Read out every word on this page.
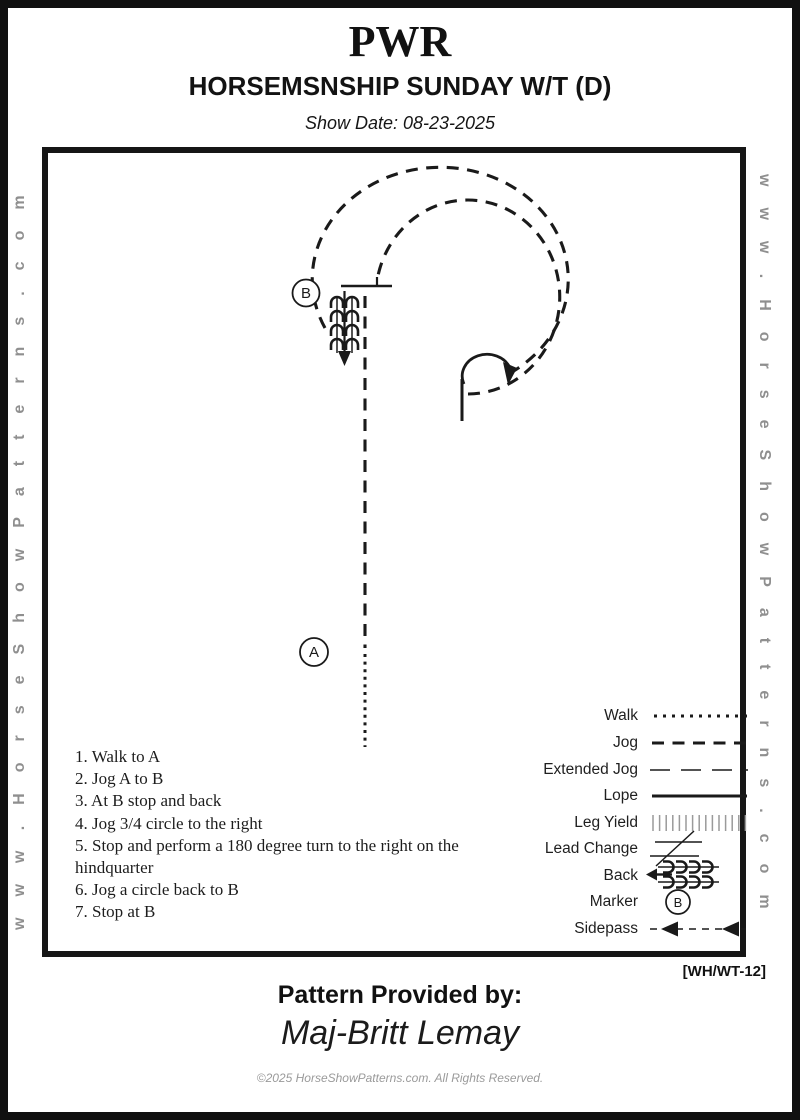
PWR
HORSEMSNSHIP SUNDAY W/T (D)
Show Date: 08-23-2025
www.HorseShowPatterns.com	www.HorseShowPatterns.com
B
A
B
1. Walk to A
2. Jog A to B
3. At B stop and back
4. Jog 3/4 circle to the right
5. Stop and perform a 180 degree turn to the right on the hindquarter
6. Jog a circle back to B
7. Stop at B
Walk
Jog
Extended Jog
Lope
Leg Yield
Lead Change
Back
Marker
Sidepass
[WH/WT-12]
Pattern Provided by:
Maj-Britt Lemay
©2025 HorseShowPatterns.com. All Rights Reserved.
